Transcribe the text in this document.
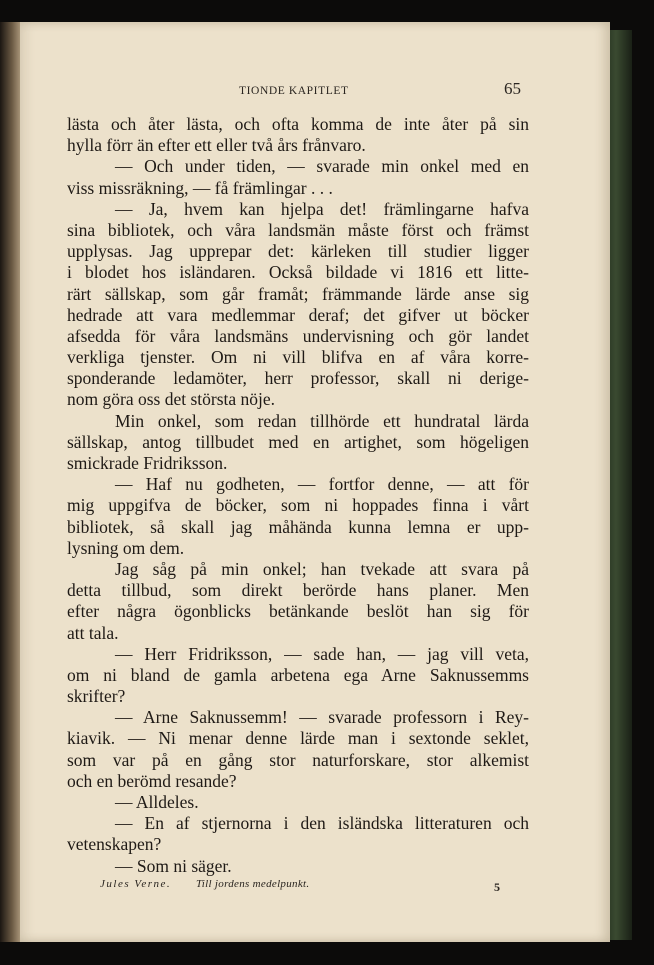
TIONDE KAPITLET	65
lästa och åter lästa, och ofta komma de inte åter på sin
hylla förr än efter ett eller två års frånvaro.
— Och under tiden, — svarade min onkel med en
viss missräkning, — få främlingar . . .
— Ja, hvem kan hjelpa det! främlingarne hafva
sina bibliotek, och våra landsmän måste först och främst
upplysas. Jag upprepar det: kärleken till studier ligger
i blodet hos isländaren. Också bildade vi 1816 ett litte-
rärt sällskap, som går framåt; främmande lärde anse sig
hedrade att vara medlemmar deraf; det gifver ut böcker
afsedda för våra landsmäns undervisning och gör landet
verkliga tjenster. Om ni vill blifva en af våra korre-
sponderande ledamöter, herr professor, skall ni derige-
nom göra oss det största nöje.
Min onkel, som redan tillhörde ett hundratal lärda
sällskap, antog tillbudet med en artighet, som högeligen
smickrade Fridriksson.
— Haf nu godheten, — fortfor denne, — att för
mig uppgifva de böcker, som ni hoppades finna i vårt
bibliotek, så skall jag måhända kunna lemna er upp-
lysning om dem.
Jag såg på min onkel; han tvekade att svara på
detta tillbud, som direkt berörde hans planer. Men
efter några ögonblicks betänkande beslöt han sig för
att tala.
— Herr Fridriksson, — sade han, — jag vill veta,
om ni bland de gamla arbetena ega Arne Saknussemms
skrifter?
— Arne Saknussemm! — svarade professorn i Rey-
kiavik. — Ni menar denne lärde man i sextonde seklet,
som var på en gång stor naturforskare, stor alkemist
och en berömd resande?
— Alldeles.
— En af stjernorna i den isländska litteraturen och
vetenskapen?
— Som ni säger.
Jules Verne. Till jordens medelpunkt.	5
